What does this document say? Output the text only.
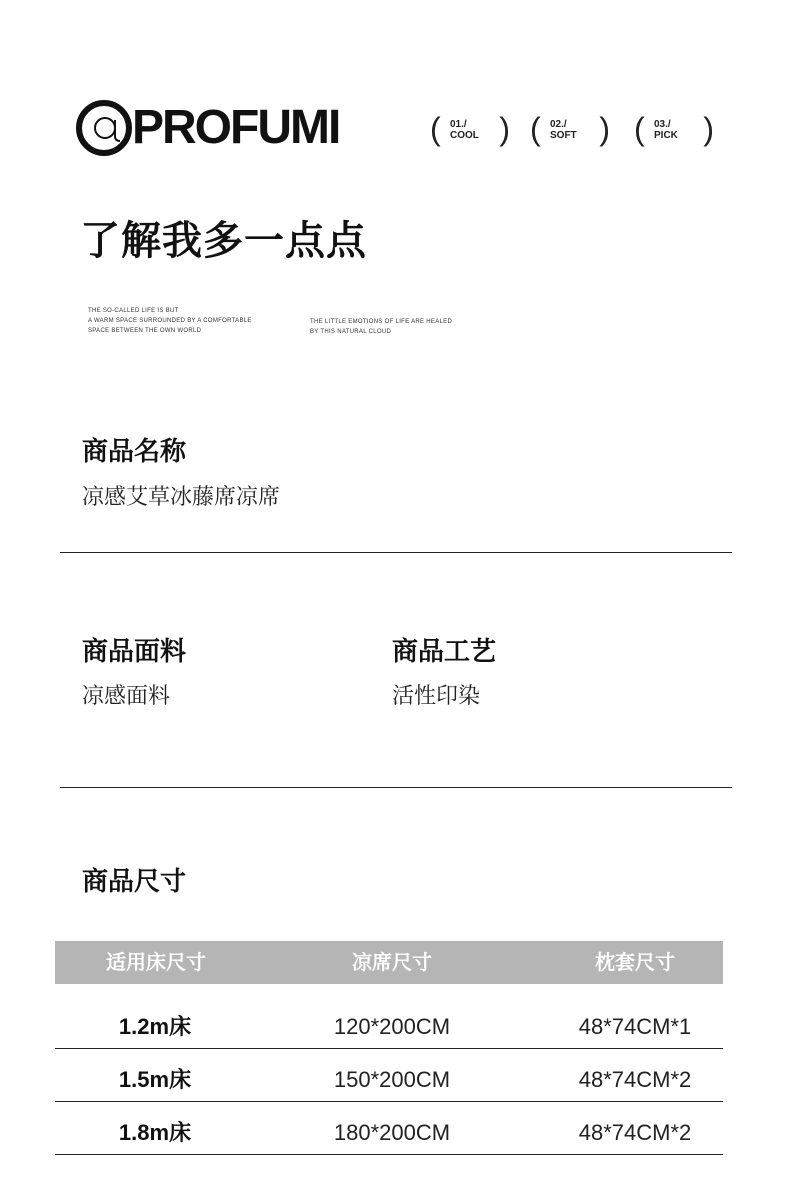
PROFUMI	( 01./
COOL ) ( 02./
SOFT ) ( 03./
PICK )
了解我多一点点
THE SO-CALLED LIFE IS BUT
A WARM SPACE SURROUNDED BY A COMFORTABLE
SPACE BETWEEN THE OWN WORLD
THE LITTLE EMOTIONS OF LIFE ARE HEALED
BY THIS NATURAL CLOUD
商品名称
凉感艾草冰藤席凉席
商品面料
凉感面料
商品工艺
活性印染
商品尺寸
适用床尺寸	凉席尺寸	枕套尺寸
1.2m床	120*200CM	48*74CM*1
1.5m床	150*200CM	48*74CM*2
1.8m床	180*200CM	48*74CM*2
